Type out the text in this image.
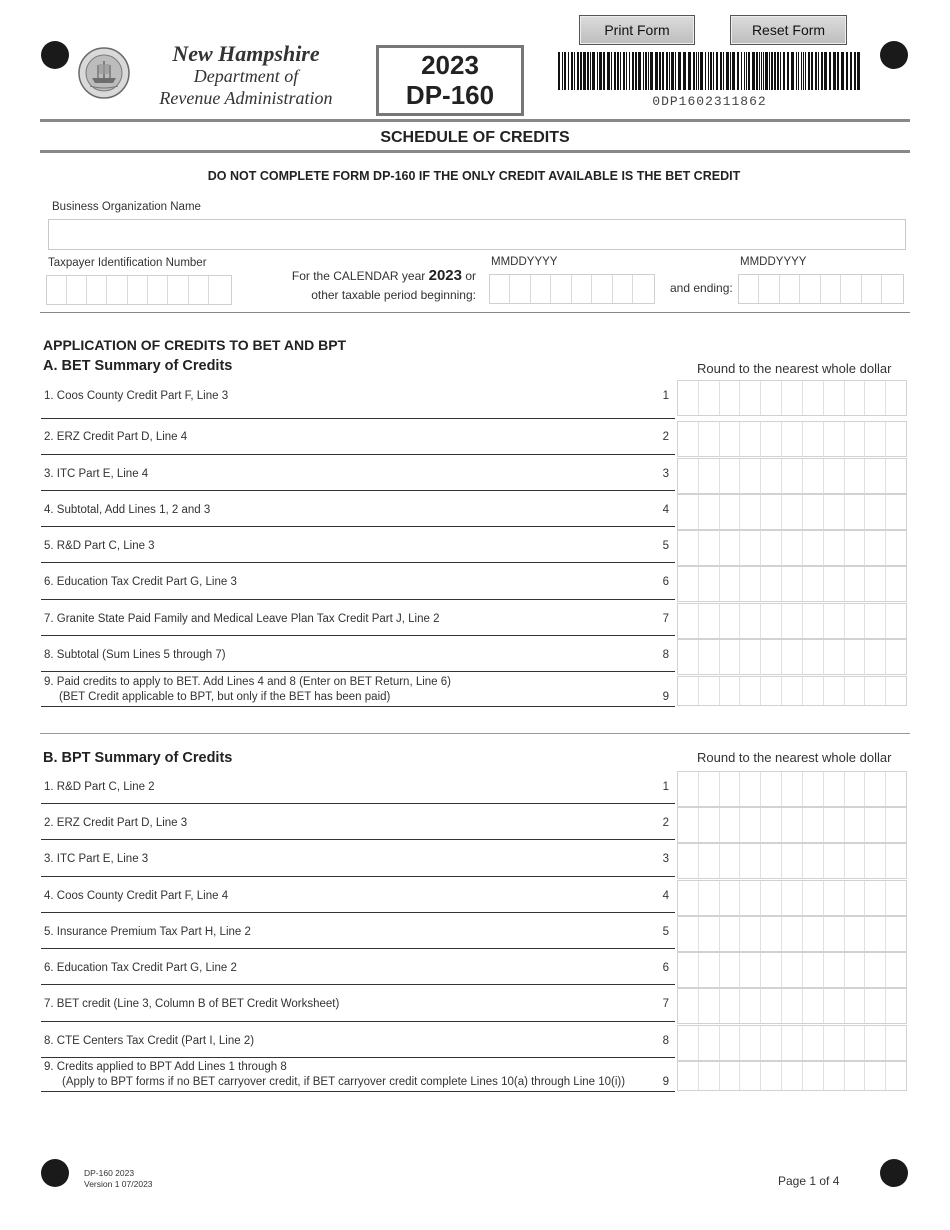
Print Form	Reset Form
New Hampshire
Department of
Revenue Administration
2023
DP-160	0DP1602311862
SCHEDULE OF CREDITS
DO NOT COMPLETE FORM DP-160 IF THE ONLY CREDIT AVAILABLE IS THE BET CREDIT
Business Organization Name
Taxpayer Identification Number
For the CALENDAR year 2023 or
other taxable period beginning:
MMDDYYYY
and ending:
MMDDYYYY
APPLICATION OF CREDITS TO BET AND BPT
A. BET Summary of Credits	Round to the nearest whole dollar
1. Coos County Credit Part F, Line 3	1
2. ERZ Credit Part D, Line 4	2
3. ITC Part E, Line 4	3
4. Subtotal, Add Lines 1, 2 and 3	4
5. R&D Part C, Line 3	5
6. Education Tax Credit Part G, Line 3	6
7. Granite State Paid Family and Medical Leave Plan Tax Credit Part J, Line 2	7
8. Subtotal (Sum Lines 5 through 7)	8
9. Paid credits to apply to BET. Add Lines 4 and 8 (Enter on BET Return, Line 6)
(BET Credit applicable to BPT, but only if the BET has been paid)	9
B. BPT Summary of Credits	Round to the nearest whole dollar
1. R&D Part C, Line 2	1
2. ERZ Credit Part D, Line 3	2
3. ITC Part E, Line 3	3
4. Coos County Credit Part F, Line 4	4
5. Insurance Premium Tax Part H, Line 2	5
6. Education Tax Credit Part G, Line 2	6
7. BET credit (Line 3, Column B of BET Credit Worksheet)	7
8. CTE Centers Tax Credit (Part I, Line 2)	8
9. Credits applied to BPT Add Lines 1 through 8
(Apply to BPT forms if no BET carryover credit, if BET carryover credit complete Lines 10(a) through Line 10(i))	9
DP-160 2023
Version 1 07/2023	Page 1 of 4
